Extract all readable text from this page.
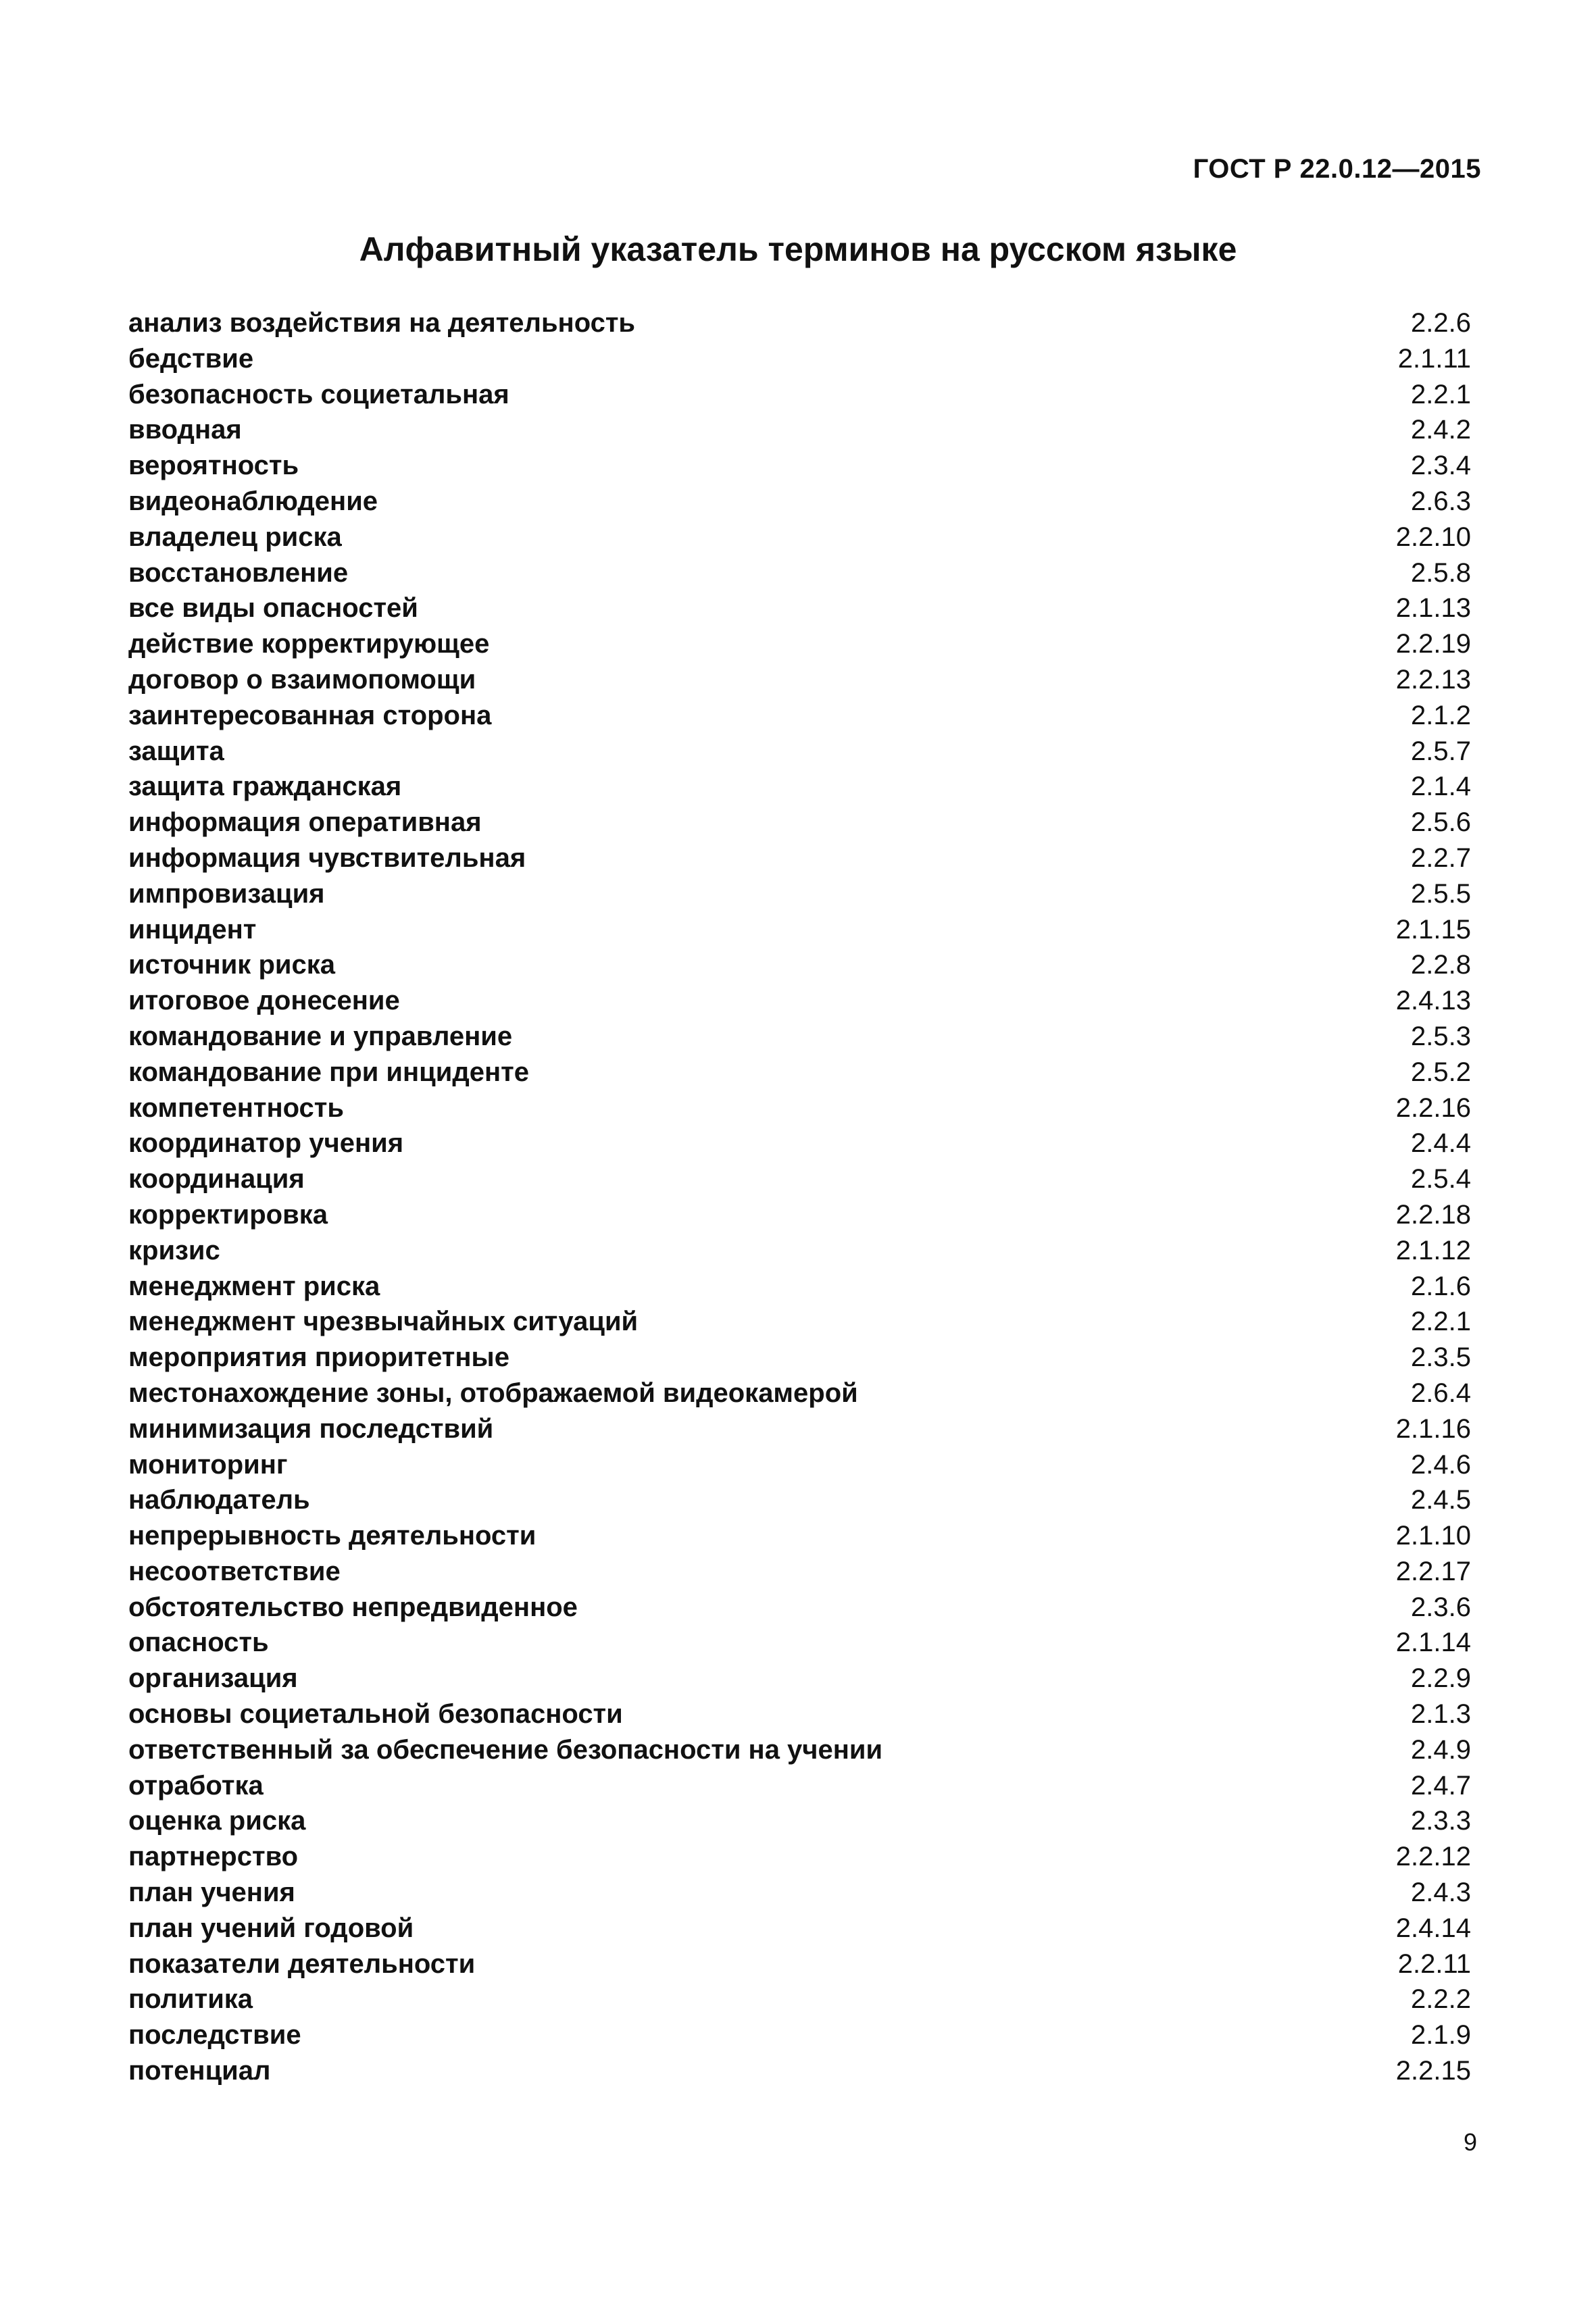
ГОСТ Р 22.0.12—2015

Алфавитный указатель терминов на русском языке
анализ воздействия на деятельность	2.2.6
бедствие	2.1.11
безопасность социетальная	2.2.1
вводная	2.4.2
вероятность	2.3.4
видеонаблюдение	2.6.3
владелец риска	2.2.10
восстановление	2.5.8
все виды опасностей	2.1.13
действие корректирующее	2.2.19
договор о взаимопомощи	2.2.13
заинтересованная сторона	2.1.2
защита	2.5.7
защита гражданская	2.1.4
информация оперативная	2.5.6
информация чувствительная	2.2.7
импровизация	2.5.5
инцидент	2.1.15
источник риска	2.2.8
итоговое донесение	2.4.13
командование и управление	2.5.3
командование при инциденте	2.5.2
компетентность	2.2.16
координатор учения	2.4.4
координация	2.5.4
корректировка	2.2.18
кризис	2.1.12
менеджмент риска	2.1.6
менеджмент чрезвычайных ситуаций	2.2.1
мероприятия приоритетные	2.3.5
местонахождение зоны, отображаемой видеокамерой	2.6.4
минимизация последствий	2.1.16
мониторинг	2.4.6
наблюдатель	2.4.5
непрерывность деятельности	2.1.10
несоответствие	2.2.17
обстоятельство непредвиденное	2.3.6
опасность	2.1.14
организация	2.2.9
основы социетальной безопасности	2.1.3
ответственный за обеспечение безопасности на учении	2.4.9
отработка	2.4.7
оценка риска	2.3.3
партнерство	2.2.12
план учения	2.4.3
план учений годовой	2.4.14
показатели деятельности	2.2.11
политика	2.2.2
последствие	2.1.9
потенциал	2.2.15

9
